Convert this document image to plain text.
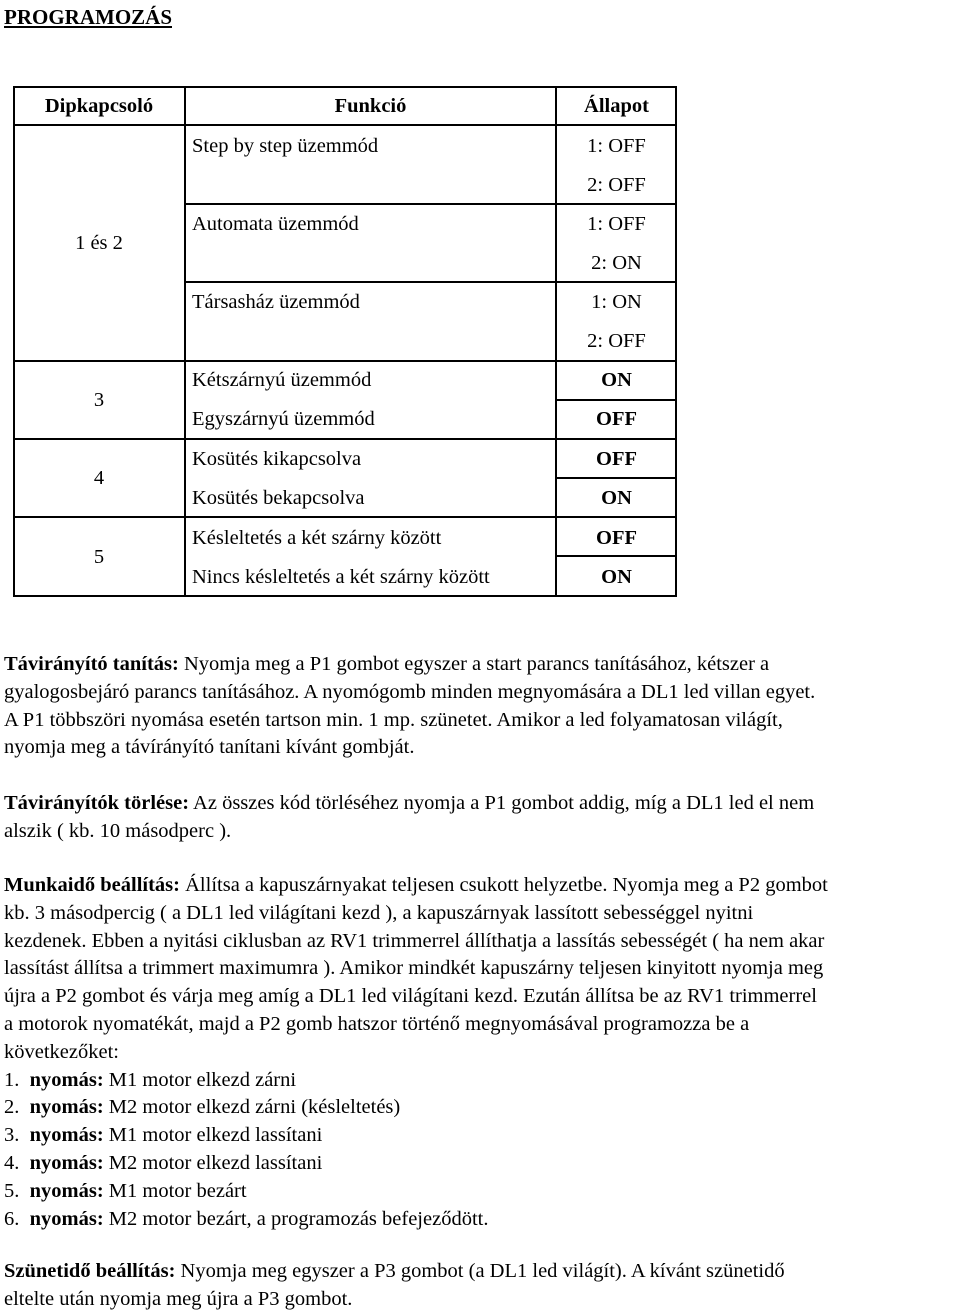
PROGRAMOZÁS
Dipkapcsoló	Funkció	Állapot
1 és 2
3
4
5
Step by step üzemmód
Automata üzemmód
Társasház üzemmód
Kétszárnyú üzemmód
Egyszárnyú üzemmód
Kosütés kikapcsolva
Kosütés bekapcsolva
Késleltetés a két szárny között
Nincs késleltetés a két szárny között
1: OFF
2: OFF
1: OFF
2: ON
1: ON
2: OFF
ON
OFF
OFF
ON
OFF
ON
Távirányító tanítás: Nyomja meg a P1 gombot egyszer a start parancs tanításához, kétszer a
gyalogosbejáró parancs tanításához. A nyomógomb minden megnyomására a DL1 led villan egyet.
A P1 többszöri nyomása esetén tartson min. 1 mp. szünetet. Amikor a led folyamatosan világít,
nyomja meg a távírányító tanítani kívánt gombját.
Távirányítók törlése: Az összes kód törléséhez nyomja a P1 gombot addig, míg a DL1 led el nem
alszik ( kb. 10 másodperc ).
Munkaidő beállítás: Állítsa a kapuszárnyakat teljesen csukott helyzetbe. Nyomja meg a P2 gombot
kb. 3 másodpercig ( a DL1 led világítani kezd ), a kapuszárnyak lassított sebességgel nyitni
kezdenek. Ebben a nyitási ciklusban az RV1 trimmerrel állíthatja a lassítás sebességét ( ha nem akar
lassítást állítsa a trimmert maximumra ). Amikor mindkét kapuszárny teljesen kinyitott nyomja meg
újra a P2 gombot és várja meg amíg a DL1 led világítani kezd. Ezután állítsa be az RV1 trimmerrel
a motorok nyomatékát, majd a P2 gomb hatszor történő megnyomásával programozza be a
következőket:
1. nyomás: M1 motor elkezd zárni
2. nyomás: M2 motor elkezd zárni (késleltetés)
3. nyomás: M1 motor elkezd lassítani
4. nyomás: M2 motor elkezd lassítani
5. nyomás: M1 motor bezárt
6. nyomás: M2 motor bezárt, a programozás befejeződött.
Szünetidő beállítás: Nyomja meg egyszer a P3 gombot (a DL1 led világít). A kívánt szünetidő
eltelte után nyomja meg újra a P3 gombot.
